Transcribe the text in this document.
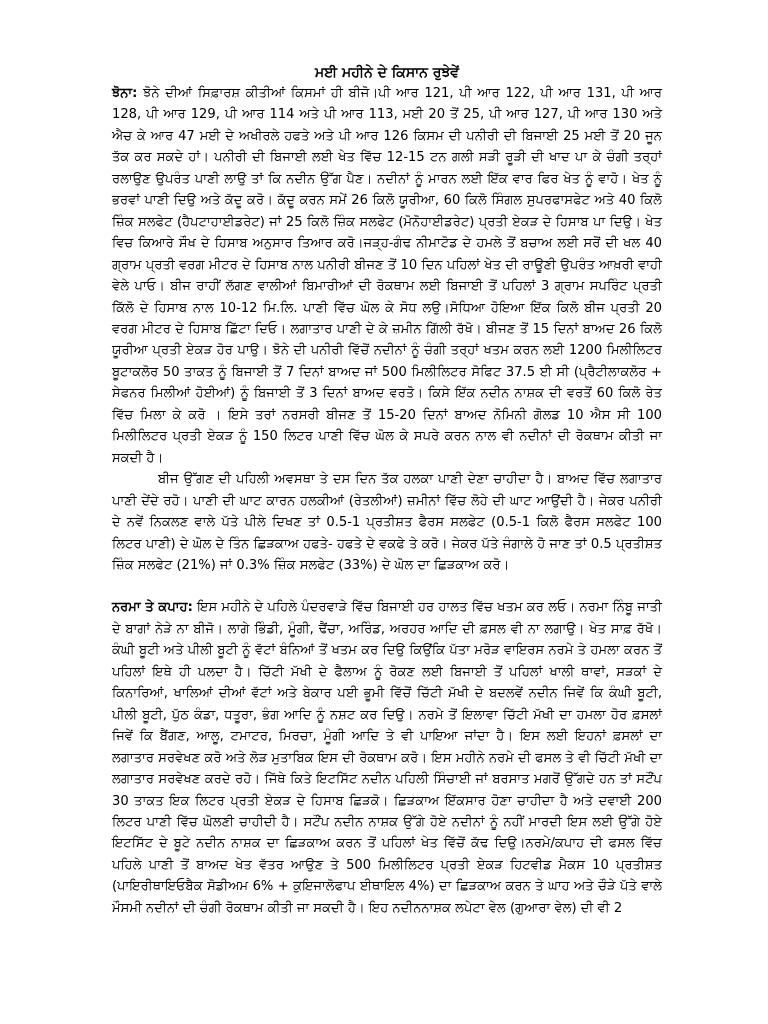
ਮਈ ਮਹੀਨੇ ਦੇ ਕਿਸਾਨ ਰੁਝੇਵੇਂ

ਝੋਨਾ: ਝੋਨੇ ਦੀਆਂ ਸਿਫ਼ਾਰਸ਼ ਕੀਤੀਆਂ ਕਿਸਮਾਂ ਹੀ ਬੀਜੋ।ਪੀ ਆਰ 121, ਪੀ ਆਰ 122, ਪੀ ਆਰ 131, ਪੀ ਆਰ 128, ਪੀ ਆਰ 129, ਪੀ ਆਰ 114 ਅਤੇ ਪੀ ਆਰ 113, ਮਈ 20 ਤੋਂ 25, ਪੀ ਆਰ 127, ਪੀ ਆਰ 130 ਅਤੇ ਐਚ ਕੇ ਆਰ 47 ਮਈ ਦੇ ਅਖੀਰਲੇ ਹਫਤੇ ਅਤੇ ਪੀ ਆਰ 126 ਕਿਸਮ ਦੀ ਪਨੀਰੀ ਦੀ ਬਿਜਾਈ 25 ਮਈ ਤੋਂ 20 ਜੂਨ ਤੱਕ ਕਰ ਸਕਦੇ ਹਾਂ। ਪਨੀਰੀ ਦੀ ਬਿਜਾਈ ਲਈ ਖੇਤ ਵਿੱਚ 12-15 ਟਨ ਗਲੀ ਸੜੀ ਰੂੜੀ ਦੀ ਖਾਦ ਪਾ ਕੇ ਚੰਗੀ ਤਰ੍ਹਾਂ ਰਲਾਉਣ ਉਪਰੰਤ ਪਾਣੀ ਲਾਉ ਤਾਂ ਕਿ ਨਦੀਨ ਉੱਗ ਪੈਣ। ਨਦੀਨਾਂ ਨੂੰ ਮਾਰਨ ਲਈ ਇੱਕ ਵਾਰ ਫਿਰ ਖੇਤ ਨੂੰ ਵਾਹੋ। ਖੇਤ ਨੂੰ ਭਰਵਾਂ ਪਾਣੀ ਦਿਉ ਅਤੇ ਕੱਦੂ ਕਰੋ। ਕੱਦੂ ਕਰਨ ਸਮੇਂ 26 ਕਿਲੋ ਯੂਰੀਆ, 60 ਕਿਲੋ ਸਿੰਗਲ ਸੁਪਰਫਾਸਫੇਟ ਅਤੇ 40 ਕਿਲੋ ਜ਼ਿੰਕ ਸਲਫੇਟ (ਹੈਪਟਾਹਾਈਡਰੇਟ) ਜਾਂ 25 ਕਿਲੋ ਜ਼ਿੰਕ ਸਲਫੇਟ (ਮੋਨੋਹਾਈਡਰੇਟ) ਪ੍ਰਤੀ ਏਕੜ ਦੇ ਹਿਸਾਬ ਪਾ ਦਿਉ। ਖੇਤ ਵਿਚ ਕਿਆਰੇ ਸੌਖ ਦੇ ਹਿਸਾਬ ਅਨੁਸਾਰ ਤਿਆਰ ਕਰੋ।ਜੜ੍ਹ-ਗੰਢ ਨੀਮਾਟੋਡ ਦੇ ਹਮਲੇ ਤੋਂ ਬਚਾਅ ਲਈ ਸਰੋਂ ਦੀ ਖਲ 40 ਗ੍ਰਾਮ ਪ੍ਰਤੀ ਵਰਗ ਮੀਟਰ ਦੇ ਹਿਸਾਬ ਨਾਲ ਪਨੀਰੀ ਬੀਜਣ ਤੋਂ 10 ਦਿਨ ਪਹਿਲਾਂ ਖੇਤ ਦੀ ਰਾਊਣੀ ਉਪਰੰਤ ਆਖ਼ਰੀ ਵਾਹੀ ਵੇਲੇ ਪਾਓ। ਬੀਜ ਰਾਹੀਂ ਲੱਗਣ ਵਾਲੀਆਂ ਬਿਮਾਰੀਆਂ ਦੀ ਰੋਕਥਾਮ ਲਈ ਬਿਜਾਈ ਤੋਂ ਪਹਿਲਾਂ 3 ਗ੍ਰਾਮ ਸਪਰਿੰਟ ਪ੍ਰਤੀ ਕਿੱਲੋ ਦੇ ਹਿਸਾਬ ਨਾਲ 10-12 ਮਿ.ਲਿ. ਪਾਣੀ ਵਿੱਚ ਘੋਲ ਕੇ ਸੋਧ ਲਉ।ਸੋਧਿਆ ਹੋਇਆ ਇੱਕ ਕਿਲੋ ਬੀਜ ਪ੍ਰਤੀ 20 ਵਰਗ ਮੀਟਰ ਦੇ ਹਿਸਾਬ ਛਿੱਟਾ ਦਿਓ। ਲਗਾਤਾਰ ਪਾਣੀ ਦੇ ਕੇ ਜ਼ਮੀਨ ਗਿੱਲੀ ਰੱਖੋ। ਬੀਜਣ ਤੋਂ 15 ਦਿਨਾਂ ਬਾਅਦ 26 ਕਿਲੋ ਯੂਰੀਆ ਪ੍ਰਤੀ ਏਕੜ ਹੋਰ ਪਾਉ। ਝੋਨੇ ਦੀ ਪਨੀਰੀ ਵਿੱਚੋਂ ਨਦੀਨਾਂ ਨੂੰ ਚੰਗੀ ਤਰ੍ਹਾਂ ਖਤਮ ਕਰਨ ਲਈ 1200 ਮਿਲੀਲਿਟਰ ਬੂਟਾਕਲੋਰ 50 ਤਾਕਤ ਨੂੰ ਬਿਜਾਈ ਤੋਂ 7 ਦਿਨਾਂ ਬਾਅਦ ਜਾਂ 500 ਮਿਲੀਲਿਟਰ ਸੋਫਿਟ 37.5 ਈ ਸੀ (ਪ੍ਰੈਟੀਲਾਕਲੋਰ + ਸੇਫਨਰ ਮਿਲੀਆਂ ਹੋਈਆਂ) ਨੂੰ ਬਿਜਾਈ ਤੋਂ 3 ਦਿਨਾਂ ਬਾਅਦ ਵਰਤੋ। ਕਿਸੇ ਇੱਕ ਨਦੀਨ ਨਾਸ਼ਕ ਦੀ ਵਰਤੋਂ 60 ਕਿਲੋ ਰੇਤ ਵਿੱਚ ਮਿਲਾ ਕੇ ਕਰੋ । ਇਸੇ ਤਰਾਂ ਨਰਸਰੀ ਬੀਜਣ ਤੋਂ 15-20 ਦਿਨਾਂ ਬਾਅਦ ਨੋਮਿਨੀ ਗੋਲਡ 10 ਐਸ ਸੀ 100 ਮਿਲੀਲਿਟਰ ਪ੍ਰਤੀ ਏਕੜ ਨੂੰ 150 ਲਿਟਰ ਪਾਣੀ ਵਿੱਚ ਘੋਲ ਕੇ ਸਪਰੇ ਕਰਨ ਨਾਲ ਵੀ ਨਦੀਨਾਂ ਦੀ ਰੋਕਥਾਮ ਕੀਤੀ ਜਾ ਸਕਦੀ ਹੈ।

ਬੀਜ ਉੱਗਣ ਦੀ ਪਹਿਲੀ ਅਵਸਥਾ ਤੇ ਦਸ ਦਿਨ ਤੱਕ ਹਲਕਾ ਪਾਣੀ ਦੇਣਾ ਚਾਹੀਦਾ ਹੈ। ਬਾਅਦ ਵਿੱਚ ਲਗਾਤਾਰ ਪਾਣੀ ਦੇਂਦੇ ਰਹੋ। ਪਾਣੀ ਦੀ ਘਾਟ ਕਾਰਨ ਹਲਕੀਆਂ (ਰੇਤਲੀਆਂ) ਜ਼ਮੀਨਾਂ ਵਿੱਚ ਲੋਹੇ ਦੀ ਘਾਟ ਆਉਂਦੀ ਹੈ। ਜੇਕਰ ਪਨੀਰੀ ਦੇ ਨਵੇਂ ਨਿਕਲਣ ਵਾਲੇ ਪੱਤੇ ਪੀਲੇ ਦਿਖਣ ਤਾਂ 0.5-1 ਪ੍ਰਤੀਸ਼ਤ ਫੈਰਸ ਸਲਫੇਟ (0.5-1 ਕਿਲੋ ਫੈਰਸ ਸਲਫੇਟ 100 ਲਿਟਰ ਪਾਣੀ) ਦੇ ਘੋਲ ਦੇ ਤਿੰਨ ਛਿੜਕਾਅ ਹਫਤੇ- ਹਫਤੇ ਦੇ ਵਕਫੇ ਤੇ ਕਰੋ। ਜੇਕਰ ਪੱਤੇ ਜੰਗਾਲੇ ਹੋ ਜਾਣ ਤਾਂ 0.5 ਪ੍ਰਤੀਸ਼ਤ ਜ਼ਿੰਕ ਸਲਫੇਟ (21%) ਜਾਂ 0.3% ਜ਼ਿੰਕ ਸਲਫੇਟ (33%) ਦੇ ਘੋਲ ਦਾ ਛਿੜਕਾਅ ਕਰੋ।

ਨਰਮਾ ਤੇ ਕਪਾਹ: ਇਸ ਮਹੀਨੇ ਦੇ ਪਹਿਲੇ ਪੰਦਰਵਾੜੇ ਵਿੱਚ ਬਿਜਾਈ ਹਰ ਹਾਲਤ ਵਿੱਚ ਖਤਮ ਕਰ ਲਓ। ਨਰਮਾ ਨਿੰਬੂ ਜਾਤੀ ਦੇ ਬਾਗਾਂ ਨੇੜੇ ਨਾ ਬੀਜੋ। ਲਾਗੇ ਭਿੰਡੀ, ਮੂੰਗੀ, ਢੈਂਚਾ, ਅਰਿੰਡ, ਅਰਹਰ ਆਦਿ ਦੀ ਫ਼ਸਲ ਵੀ ਨਾ ਲਗਾਉ। ਖੇਤ ਸਾਫ਼ ਰੱਖੋ। ਕੰਘੀ ਬੂਟੀ ਅਤੇ ਪੀਲੀ ਬੂਟੀ ਨੂੰ ਵੱਟਾਂ ਬੰਨਿਆਂ ਤੋਂ ਖਤਮ ਕਰ ਦਿਉ ਕਿਉਂਕਿ ਪੱਤਾ ਮਰੋੜ ਵਾਇਰਸ ਨਰਮੇ ਤੇ ਹਮਲਾ ਕਰਨ ਤੋਂ ਪਹਿਲਾਂ ਇਥੇ ਹੀ ਪਲਦਾ ਹੈ। ਚਿੱਟੀ ਮੱਖੀ ਦੇ ਫੈਲਾਅ ਨੂੰ ਰੋਕਣ ਲਈ ਬਿਜਾਈ ਤੋਂ ਪਹਿਲਾਂ ਖਾਲੀ ਥਾਵਾਂ, ਸੜਕਾਂ ਦੇ ਕਿਨਾਰਿਆਂ, ਖਾਲਿਆਂ ਦੀਆਂ ਵੱਟਾਂ ਅਤੇ ਬੇਕਾਰ ਪਈ ਭੂਮੀ ਵਿੱਚੋਂ ਚਿੱਟੀ ਮੱਖੀ ਦੇ ਬਦਲਵੇਂ ਨਦੀਨ ਜਿਵੇਂ ਕਿ ਕੰਘੀ ਬੂਟੀ, ਪੀਲੀ ਬੂਟੀ, ਪੁੱਠ ਕੰਡਾ, ਧਤੂਰਾ, ਭੰਗ ਆਦਿ ਨੂੰ ਨਸ਼ਟ ਕਰ ਦਿਉ। ਨਰਮੇ ਤੋਂ ਇਲਾਵਾ ਚਿੱਟੀ ਮੱਖੀ ਦਾ ਹਮਲਾ ਹੋਰ ਫ਼ਸਲਾਂ ਜਿਵੇਂ ਕਿ ਬੈਂਗਣ, ਆਲੂ, ਟਮਾਟਰ, ਮਿਰਚਾ, ਮੂੰਗੀ ਆਦਿ ਤੇ ਵੀ ਪਾਇਆ ਜਾਂਦਾ ਹੈ। ਇਸ ਲਈ ਇਹਨਾਂ ਫ਼ਸਲਾਂ ਦਾ ਲਗਾਤਾਰ ਸਰਵੇਖਣ ਕਰੋ ਅਤੇ ਲੋੜ ਮੁਤਾਬਿਕ ਇਸ ਦੀ ਰੋਕਥਾਮ ਕਰੋ। ਇਸ ਮਹੀਨੇ ਨਰਮੇ ਦੀ ਫਸਲ ਤੇ ਵੀ ਚਿੱਟੀ ਮੱਖੀ ਦਾ ਲਗਾਤਾਰ ਸਰਵੇਖਣ ਕਰਦੇ ਰਹੋ। ਜਿੱਥੇ ਕਿਤੇ ਇਟਸਿੱਟ ਨਦੀਨ ਪਹਿਲੀ ਸਿੰਚਾਈ ਜਾਂ ਬਰਸਾਤ ਮਗਰੋਂ ਉੱਗਦੇ ਹਨ ਤਾਂ ਸਟੌਂਪ 30 ਤਾਕਤ ਇਕ ਲਿਟਰ ਪ੍ਰਤੀ ਏਕੜ ਦੇ ਹਿਸਾਬ ਛਿੜਕੋ। ਛਿੜਕਾਅ ਇੱਕਸਾਰ ਹੋਣਾ ਚਾਹੀਦਾ ਹੈ ਅਤੇ ਦਵਾਈ 200 ਲਿਟਰ ਪਾਣੀ ਵਿੱਚ ਘੋਲਣੀ ਚਾਹੀਦੀ ਹੈ। ਸਟੌਂਪ ਨਦੀਨ ਨਾਸ਼ਕ ਉੱਗੇ ਹੋਏ ਨਦੀਨਾਂ ਨੂੰ ਨਹੀਂ ਮਾਰਦੀ ਇਸ ਲਈ ਉੱਗੇ ਹੋਏ ਇਟਸਿੱਟ ਦੇ ਬੂਟੇ ਨਦੀਨ ਨਾਸ਼ਕ ਦਾ ਛਿੜਕਾਅ ਕਰਨ ਤੋਂ ਪਹਿਲਾਂ ਖੇਤ ਵਿੱਚੋਂ ਕੱਢ ਦਿਉ।ਨਰਮੇ/ਕਪਾਹ ਦੀ ਫਸਲ ਵਿੱਚ ਪਹਿਲੇ ਪਾਣੀ ਤੋਂ ਬਾਅਦ ਖੇਤ ਵੱਤਰ ਆਉਣ ਤੇ 500 ਮਿਲੀਲਿਟਰ ਪ੍ਰਤੀ ਏਕੜ ਹਿਟਵੀਡ ਮੈਕਸ 10 ਪ੍ਰਤੀਸ਼ਤ (ਪਾਇਰੀਥਾਇਓਬੈਕ ਸੋਡੀਅਮ 6% + ਕੁਇਜਾਲੋਫਾਪ ਈਥਾਇਲ 4%) ਦਾ ਛਿੜਕਾਅ ਕਰਨ ਤੇ ਘਾਹ ਅਤੇ ਚੌੜੇ ਪੱਤੇ ਵਾਲੇ ਮੌਸਮੀ ਨਦੀਨਾਂ ਦੀ ਚੰਗੀ ਰੋਕਥਾਮ ਕੀਤੀ ਜਾ ਸਕਦੀ ਹੈ। ਇਹ ਨਦੀਨਨਾਸ਼ਕ ਲਪੇਟਾ ਵੇਲ (ਗੁਆਰਾ ਵੇਲ) ਦੀ ਵੀ 2
